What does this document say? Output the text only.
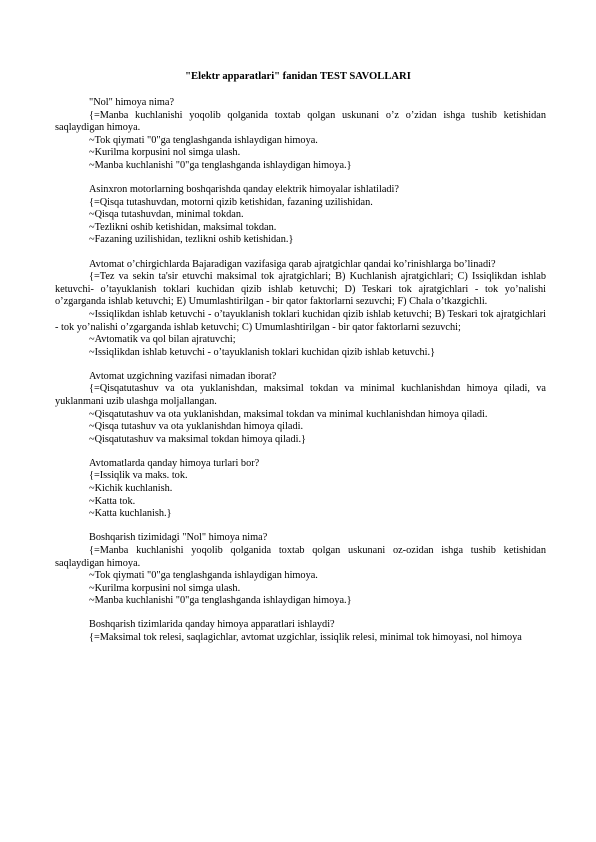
"Elektr apparatlari" fanidan TEST SAVOLLARI

"Nol" himoya nima?

{=Manba kuchlanishi yoqolib qolganida toxtab qolgan uskunani o’z o’zidan ishga tushib ketishidan saqlaydigan himoya.

~Tok qiymati "0"ga tenglashganda ishlaydigan himoya.

~Kurilma korpusini nol simga ulash.

~Manba kuchlanishi "0"ga tenglashganda ishlaydigan himoya.}

Asinxron motorlarning boshqarishda qanday elektrik himoyalar ishlatiladi?

{=Qisqa tutashuvdan, motorni qizib ketishidan, fazaning uzilishidan.

~Qisqa tutashuvdan, minimal tokdan.

~Tezlikni oshib ketishidan, maksimal tokdan.

~Fazaning uzilishidan, tezlikni oshib ketishidan.}

Avtomat o’chirgichlarda Bajaradigan vazifasiga qarab ajratgichlar qandai ko’rinishlarga bo’linadi?

{=Tez va sekin ta'sir etuvchi maksimal tok ajratgichlari; B) Kuchlanish ajratgichlari; C) Issiqlikdan ishlab ketuvchi- o’tayuklanish toklari kuchidan qizib ishlab ketuvchi; D) Teskari tok ajratgichlari - tok yo’nalishi o’zgarganda ishlab ketuvchi; E) Umumlashtirilgan - bir qator faktorlarni sezuvchi; F) Chala o’tkazgichli.

~Issiqlikdan ishlab ketuvchi - o’tayuklanish toklari kuchidan qizib ishlab ketuvchi; B) Teskari tok ajratgichlari - tok yo’nalishi o’zgarganda ishlab ketuvchi; C) Umumlashtirilgan - bir qator faktorlarni sezuvchi;

~Avtomatik va qol bilan ajratuvchi;

~Issiqlikdan ishlab ketuvchi - o’tayuklanish toklari kuchidan qizib ishlab ketuvchi.}

Avtomat uzgichning vazifasi nimadan iborat?

{=Qisqatutashuv va ota yuklanishdan, maksimal tokdan va minimal kuchlanishdan himoya qiladi, va yuklanmani uzib ulashga moljallangan.

~Qisqatutashuv va ota yuklanishdan, maksimal tokdan va minimal kuchlanishdan himoya qiladi.

~Qisqa tutashuv va ota yuklanishdan himoya qiladi.

~Qisqatutashuv va maksimal tokdan himoya qiladi.}

Avtomatlarda qanday himoya turlari bor?

{=Issiqlik va maks. tok.

~Kichik kuchlanish.

~Katta tok.

~Katta kuchlanish.}

Boshqarish tizimidagi "Nol" himoya nima?

{=Manba kuchlanishi yoqolib qolganida toxtab qolgan uskunani oz-ozidan ishga tushib ketishidan saqlaydigan himoya.

~Tok qiymati "0"ga tenglashganda ishlaydigan himoya.

~Kurilma korpusini nol simga ulash.

~Manba kuchlanishi "0"ga tenglashganda ishlaydigan himoya.}

Boshqarish tizimlarida qanday himoya apparatlari ishlaydi?

{=Maksimal tok relesi, saqlagichlar, avtomat uzgichlar, issiqlik relesi, minimal tok himoyasi, nol himoya
